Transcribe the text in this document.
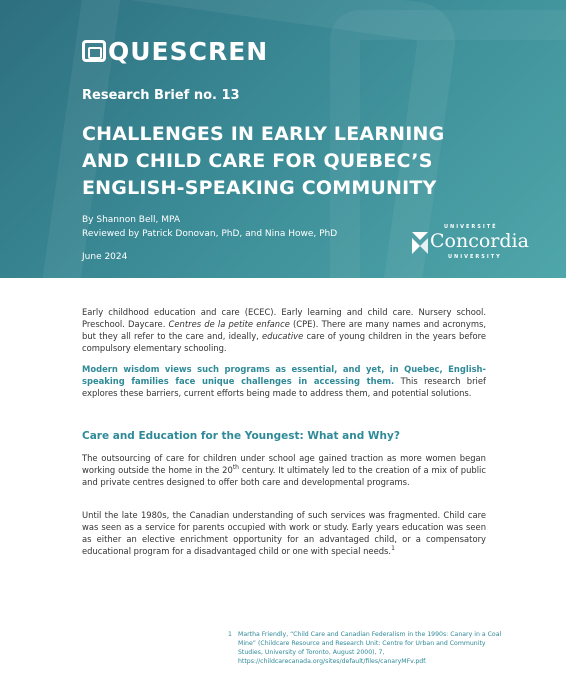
QUESCREN
Research Brief no. 13
CHALLENGES IN EARLY LEARNING
AND CHILD CARE FOR QUEBEC’S
ENGLISH-SPEAKING COMMUNITY
By Shannon Bell, MPA
Reviewed by Patrick Donovan, PhD, and Nina Howe, PhD
June 2024
UNIVERSITÉ
Concordia
UNIVERSITY
Early childhood education and care (ECEC). Early learning and child care. Nursery school. Preschool. Daycare. Centres de la petite enfance (CPE). There are many names and acronyms, but they all refer to the care and, ideally, educative care of young children in the years before compulsory elementary schooling.
Modern wisdom views such programs as essential, and yet, in Quebec, English-speaking families face unique challenges in accessing them. This research brief explores these barriers, current efforts being made to address them, and potential solutions.
Care and Education for the Youngest: What and Why?
The outsourcing of care for children under school age gained traction as more women began working outside the home in the 20th century. It ultimately led to the creation of a mix of public and private centres designed to offer both care and developmental programs.
Until the late 1980s, the Canadian understanding of such services was fragmented. Child care was seen as a service for parents occupied with work or study. Early years education was seen as either an elective enrichment opportunity for an advantaged child, or a compensatory educational program for a disadvantaged child or one with special needs.$^1$
1 Martha Friendly, “Child Care and Canadian Federalism in the 1990s: Canary in a Coal Mine” (Childcare Resource and Research Unit: Centre for Urban and Community Studies, University of Toronto, August 2000), 7, https://childcarecanada.org/sites/default/files/canaryMFv.pdf.
